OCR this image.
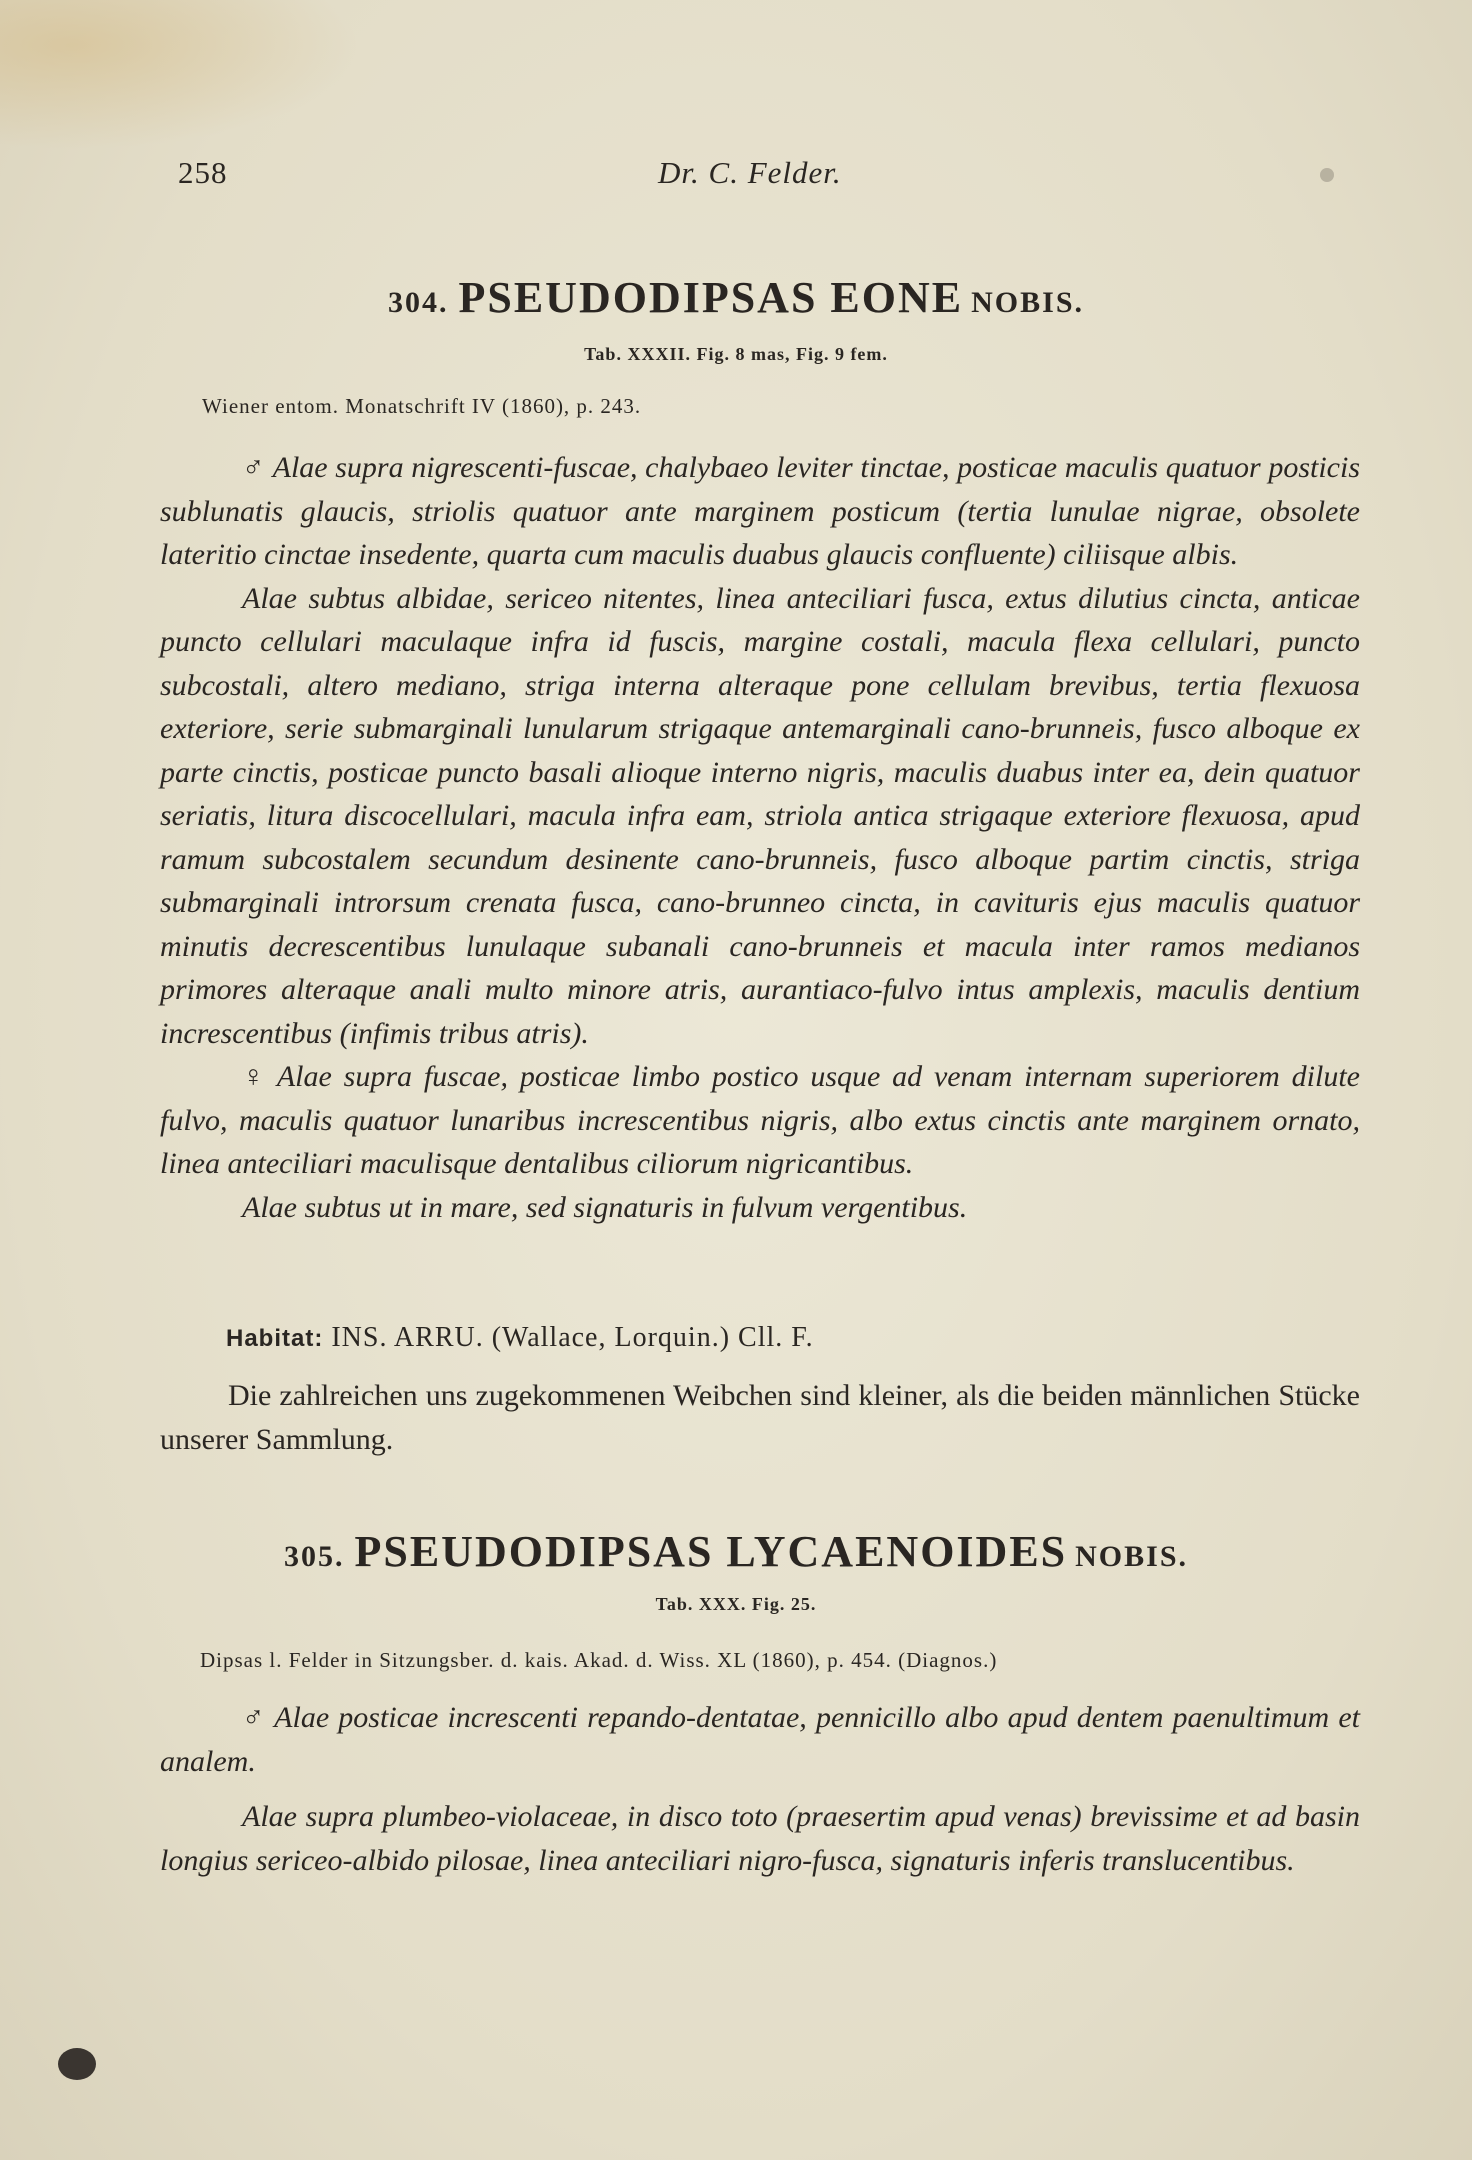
258	Dr. C. Felder.
304. PSEUDODIPSAS EONE NOBIS.
Tab. XXXII. Fig. 8 mas, Fig. 9 fem.
Wiener entom. Monatschrift IV (1860), p. 243.

♂ Alae supra nigrescenti-fuscae, chalybaeo leviter tinctae, posticae maculis quatuor posticis sublunatis glaucis, striolis quatuor ante marginem posticum (tertia lunulae nigrae, obsolete lateritio cinctae insedente, quarta cum maculis duabus glaucis confluente) ciliisque albis.

Alae subtus albidae, sericeo nitentes, linea anteciliari fusca, extus dilutius cincta, anticae puncto cellulari maculaque infra id fuscis, margine costali, macula flexa cellulari, puncto subcostali, altero mediano, striga interna alteraque pone cellulam brevibus, tertia flexuosa exteriore, serie submarginali lunularum strigaque antemarginali cano-brunneis, fusco alboque ex parte cinctis, posticae puncto basali alioque interno nigris, maculis duabus inter ea, dein quatuor seriatis, litura discocellulari, macula infra eam, striola antica strigaque exteriore flexuosa, apud ramum subcostalem secundum desinente cano-brunneis, fusco alboque partim cinctis, striga submarginali introrsum crenata fusca, cano-brunneo cincta, in cavituris ejus maculis quatuor minutis decrescentibus lunulaque subanali cano-brunneis et macula inter ramos medianos primores alteraque anali multo minore atris, aurantiaco-fulvo intus amplexis, maculis dentium increscentibus (infimis tribus atris).

♀ Alae supra fuscae, posticae limbo postico usque ad venam internam superiorem dilute fulvo, maculis quatuor lunaribus increscentibus nigris, albo extus cinctis ante marginem ornato, linea anteciliari maculisque dentalibus ciliorum nigricantibus.

Alae subtus ut in mare, sed signaturis in fulvum vergentibus.

Habitat: INS. ARRU. (Wallace, Lorquin.) Cll. F.

Die zahlreichen uns zugekommenen Weibchen sind kleiner, als die beiden männlichen Stücke unserer Sammlung.

305. PSEUDODIPSAS LYCAENOIDES NOBIS.
Tab. XXX. Fig. 25.
Dipsas l. Felder in Sitzungsber. d. kais. Akad. d. Wiss. XL (1860), p. 454. (Diagnos.)

♂ Alae posticae increscenti repando-dentatae, pennicillo albo apud dentem paenultimum et analem.

Alae supra plumbeo-violaceae, in disco toto (praesertim apud venas) brevissime et ad basin longius sericeo-albido pilosae, linea anteciliari nigro-fusca, signaturis inferis translucentibus.
